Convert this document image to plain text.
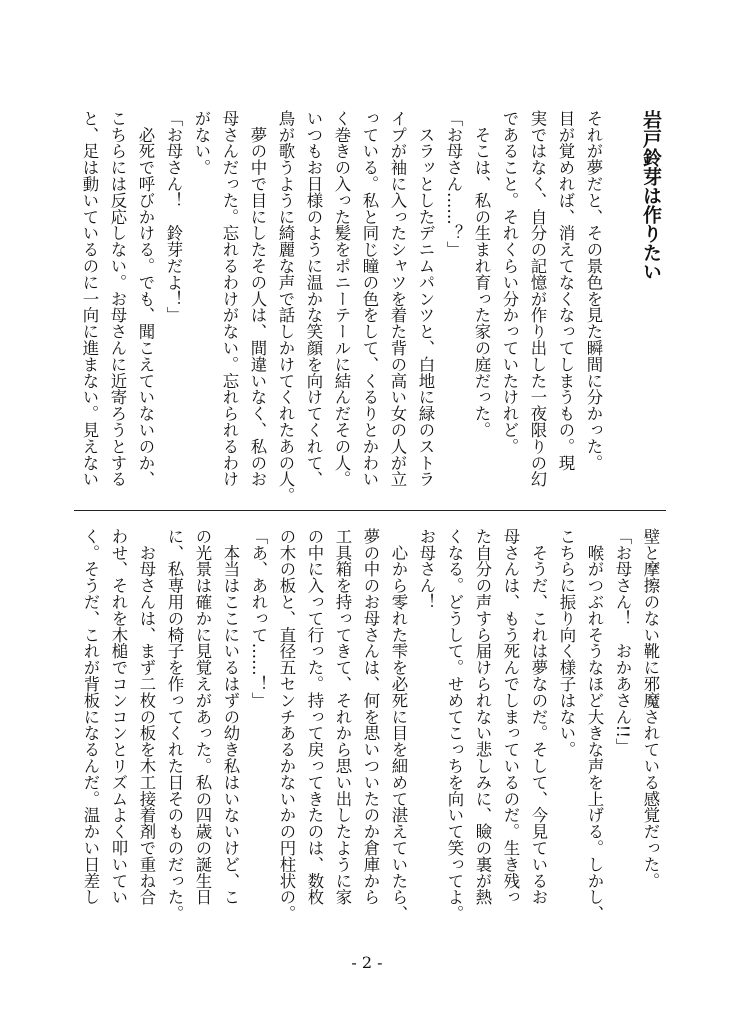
岩戸鈴芽は作りたい
それが夢だと、その景色を見た瞬間に分かった。
目が覚めれば、消えてなくなってしまうもの。現
実ではなく、自分の記憶が作り出した一夜限りの幻
であること。それくらい分かっていたけれど。
　そこは、私の生まれ育った家の庭だった。
「お母さん……？」
　スラッとしたデニムパンツと、白地に緑のストラ
イプが袖に入ったシャツを着た背の高い女の人が立
っている。私と同じ瞳の色をして、くるりとかわい
く巻きの入った髪をポニーテールに結んだその人。
いつもお日様のように温かな笑顔を向けてくれて、
鳥が歌うように綺麗な声で話しかけてくれたあの人。
　夢の中で目にしたその人は、間違いなく、私のお
母さんだった。忘れるわけがない。忘れられるわけ
がない。
「お母さん！　鈴芽だよ！」
　必死で呼びかける。でも、聞こえていないのか、
こちらには反応しない。お母さんに近寄ろうとする
と、足は動いているのに一向に進まない。見えない
壁と摩擦のない靴に邪魔されている感覚だった。
「お母さん！　おかあさん!!」
　喉がつぶれそうなほど大きな声を上げる。しかし、
こちらに振り向く様子はない。
　そうだ、これは夢なのだ。そして、今見ているお
母さんは、もう死んでしまっているのだ。生き残っ
た自分の声すら届けられない悲しみに、瞼の裏が熱
くなる。どうして。せめてこっちを向いて笑ってよ。
お母さん！
　心から零れた雫を必死に目を細めて湛えていたら、
夢の中のお母さんは、何を思いついたのか倉庫から
工具箱を持ってきて、それから思い出したように家
の中に入って行った。持って戻ってきたのは、数枚
の木の板と、直径五センチあるかないかの円柱状の。
「あ、あれって……！」
　本当はここにいるはずの幼き私はいないけど、こ
の光景は確かに見覚えがあった。私の四歳の誕生日
に、私専用の椅子を作ってくれた日そのものだった。
　お母さんは、まず二枚の板を木工接着剤で重ね合
わせ、それを木槌でコンコンとリズムよく叩いてい
く。そうだ、これが背板になるんだ。温かい日差し
- 2 -
